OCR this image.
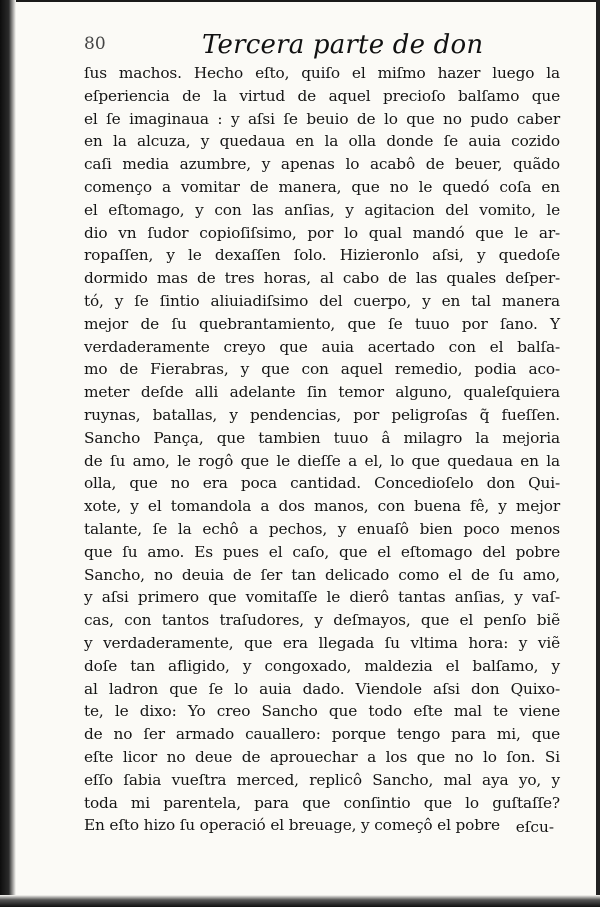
80	Tercera parte de don
ſus machos. Hecho eſto, quiſo el miſmo hazer luego la
eſperiencia de la virtud de aquel precioſo balſamo que
el ſe imaginaua : y aſsi ſe beuio de lo que no pudo caber
en la alcuza, y quedaua en la olla donde ſe auia cozido
caſi media azumbre, y apenas lo acabô de beuer, quãdo
començo a vomitar de manera, que no le quedó coſa en
el eſtomago, y con las anſias, y agitacion del vomito, le
dio vn ſudor copioſiſsimo, por lo qual mandó que le ar-
ropaſſen, y le dexaſſen ſolo. Hizieronlo aſsi, y quedoſe
dormido mas de tres horas, al cabo de las quales deſper-
tó, y ſe ſintio aliuiadiſsimo del cuerpo, y en tal manera
mejor de ſu quebrantamiento, que ſe tuuo por ſano. Y
verdaderamente creyo que auia acertado con el balſa-
mo de Fierabras, y que con aquel remedio, podia aco-
meter deſde alli adelante ſin temor alguno, qualeſquiera
ruynas, batallas, y pendencias, por peligroſas q̃ fueſſen.
Sancho Pança, que tambien tuuo â milagro la mejoria
de ſu amo, le rogô que le dieſſe a el, lo que quedaua en la
olla, que no era poca cantidad. Concedioſelo don Qui-
xote, y el tomandola a dos manos, con buena fê, y mejor
talante, ſe la echô a pechos, y enuaſô bien poco menos
que ſu amo. Es pues el caſo, que el eſtomago del pobre
Sancho, no deuia de ſer tan delicado como el de ſu amo,
y aſsi primero que vomitaſſe le dierô tantas anſias, y vaſ-
cas, con tantos traſudores, y deſmayos, que el penſo biẽ
y verdaderamente, que era llegada ſu vltima hora: y viẽ
doſe tan afligido, y congoxado, maldezia el balſamo, y
al ladron que ſe lo auia dado. Viendole aſsi don Quixo-
te, le dixo: Yo creo Sancho que todo eſte mal te viene
de no ſer armado cauallero: porque tengo para mi, que
eſte licor no deue de aprouechar a los que no lo ſon. Si
eſſo ſabia vueſtra merced, replicô Sancho, mal aya yo, y
toda mi parentela, para que conſintio que lo guſtaſſe?
En eſto hizo ſu operació el breuage, y começô el pobre	eſcu-
